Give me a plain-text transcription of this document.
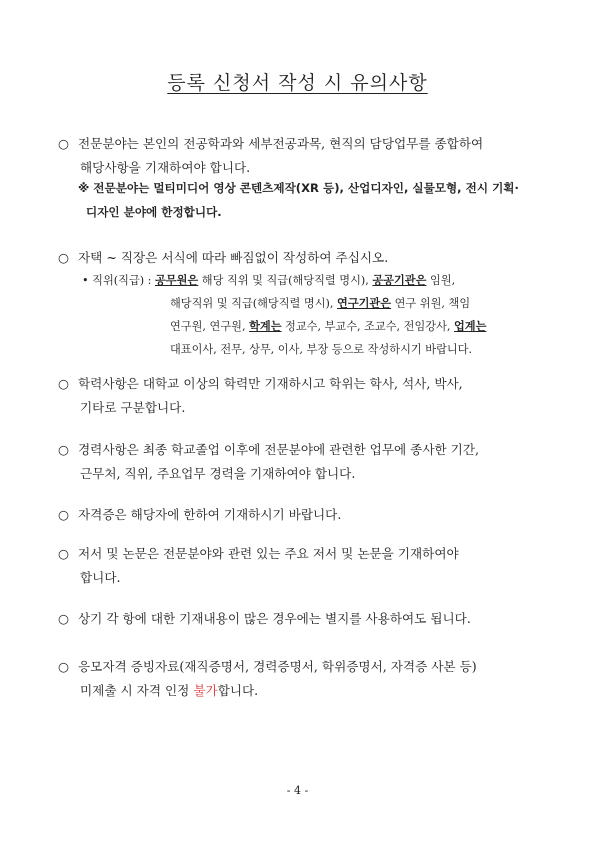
등록 신청서 작성 시 유의사항
○ 전문분야는 본인의 전공학과와 세부전공과목, 현직의 담당업무를 종합하여
해당사항을 기재하여야 합니다.
※ 전문분야는 멀티미디어 영상 콘텐츠제작(XR 등), 산업디자인, 실물모형, 전시 기획·
디자인 분야에 한정합니다.
○ 자택 ~ 직장은 서식에 따라 빠짐없이 작성하여 주십시오.
• 직위(직급) : 공무원은 해당 직위 및 직급(해당직렬 명시), 공공기관은 임원,
해당직위 및 직급(해당직렬 명시), 연구기관은 연구 위원, 책임
연구원, 연구원, 학계는 정교수, 부교수, 조교수, 전임강사, 업계는
대표이사, 전무, 상무, 이사, 부장 등으로 작성하시기 바랍니다.
○ 학력사항은 대학교 이상의 학력만 기재하시고 학위는 학사, 석사, 박사,
기타로 구분합니다.
○ 경력사항은 최종 학교졸업 이후에 전문분야에 관련한 업무에 종사한 기간,
근무처, 직위, 주요업무 경력을 기재하여야 합니다.
○ 자격증은 해당자에 한하여 기재하시기 바랍니다.
○ 저서 및 논문은 전문분야와 관련 있는 주요 저서 및 논문을 기재하여야
합니다.
○ 상기 각 항에 대한 기재내용이 많은 경우에는 별지를 사용하여도 됩니다.
○ 응모자격 증빙자료(재직증명서, 경력증명서, 학위증명서, 자격증 사본 등)
미제출 시 자격 인정 불가합니다.
- 4 -
